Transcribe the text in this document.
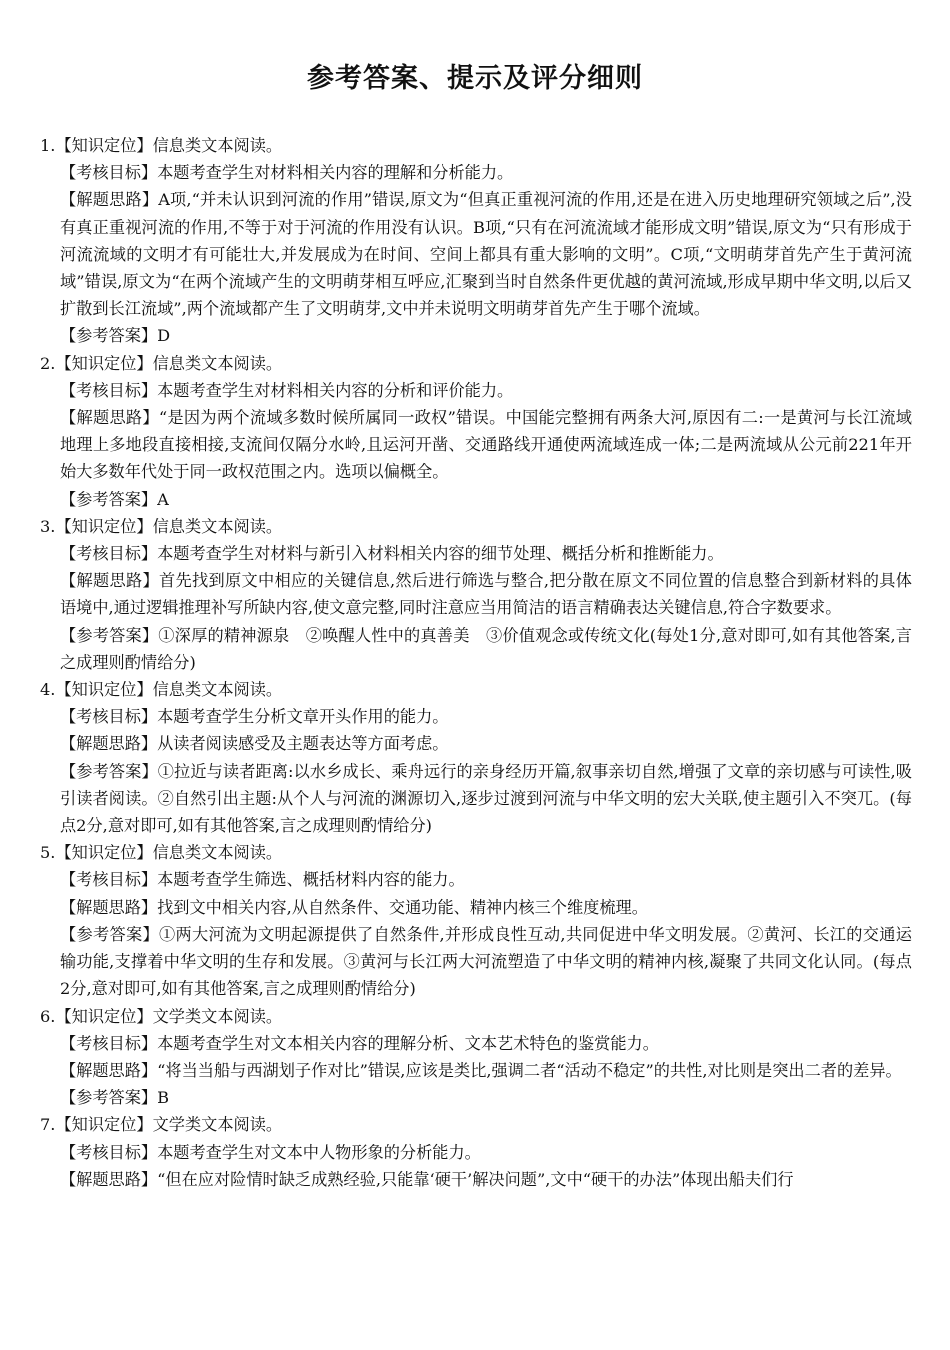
参考答案、提示及评分细则

1.【知识定位】信息类文本阅读。

【考核目标】本题考查学生对材料相关内容的理解和分析能力。

【解题思路】A项,“并未认识到河流的作用”错误,原文为“但真正重视河流的作用,还是在进入历史地理研究领域之后”,没有真正重视河流的作用,不等于对于河流的作用没有认识。B项,“只有在河流流域才能形成文明”错误,原文为“只有形成于河流流域的文明才有可能壮大,并发展成为在时间、空间上都具有重大影响的文明”。C项,“文明萌芽首先产生于黄河流域”错误,原文为“在两个流域产生的文明萌芽相互呼应,汇聚到当时自然条件更优越的黄河流域,形成早期中华文明,以后又扩散到长江流域”,两个流域都产生了文明萌芽,文中并未说明文明萌芽首先产生于哪个流域。

【参考答案】D

2.【知识定位】信息类文本阅读。

【考核目标】本题考查学生对材料相关内容的分析和评价能力。

【解题思路】“是因为两个流域多数时候所属同一政权”错误。中国能完整拥有两条大河,原因有二:一是黄河与长江流域地理上多地段直接相接,支流间仅隔分水岭,且运河开凿、交通路线开通使两流域连成一体;二是两流域从公元前221年开始大多数年代处于同一政权范围之内。选项以偏概全。

【参考答案】A

3.【知识定位】信息类文本阅读。

【考核目标】本题考查学生对材料与新引入材料相关内容的细节处理、概括分析和推断能力。

【解题思路】首先找到原文中相应的关键信息,然后进行筛选与整合,把分散在原文不同位置的信息整合到新材料的具体语境中,通过逻辑推理补写所缺内容,使文意完整,同时注意应当用简洁的语言精确表达关键信息,符合字数要求。

【参考答案】①深厚的精神源泉　②唤醒人性中的真善美　③价值观念或传统文化(每处1分,意对即可,如有其他答案,言之成理则酌情给分)

4.【知识定位】信息类文本阅读。

【考核目标】本题考查学生分析文章开头作用的能力。

【解题思路】从读者阅读感受及主题表达等方面考虑。

【参考答案】①拉近与读者距离:以水乡成长、乘舟远行的亲身经历开篇,叙事亲切自然,增强了文章的亲切感与可读性,吸引读者阅读。②自然引出主题:从个人与河流的渊源切入,逐步过渡到河流与中华文明的宏大关联,使主题引入不突兀。(每点2分,意对即可,如有其他答案,言之成理则酌情给分)

5.【知识定位】信息类文本阅读。

【考核目标】本题考查学生筛选、概括材料内容的能力。

【解题思路】找到文中相关内容,从自然条件、交通功能、精神内核三个维度梳理。

【参考答案】①两大河流为文明起源提供了自然条件,并形成良性互动,共同促进中华文明发展。②黄河、长江的交通运输功能,支撑着中华文明的生存和发展。③黄河与长江两大河流塑造了中华文明的精神内核,凝聚了共同文化认同。(每点2分,意对即可,如有其他答案,言之成理则酌情给分)

6.【知识定位】文学类文本阅读。

【考核目标】本题考查学生对文本相关内容的理解分析、文本艺术特色的鉴赏能力。

【解题思路】“将当当船与西湖划子作对比”错误,应该是类比,强调二者“活动不稳定”的共性,对比则是突出二者的差异。

【参考答案】B

7.【知识定位】文学类文本阅读。

【考核目标】本题考查学生对文本中人物形象的分析能力。

【解题思路】“但在应对险情时缺乏成熟经验,只能靠‘硬干’解决问题”,文中“硬干的办法”体现出船夫们行
